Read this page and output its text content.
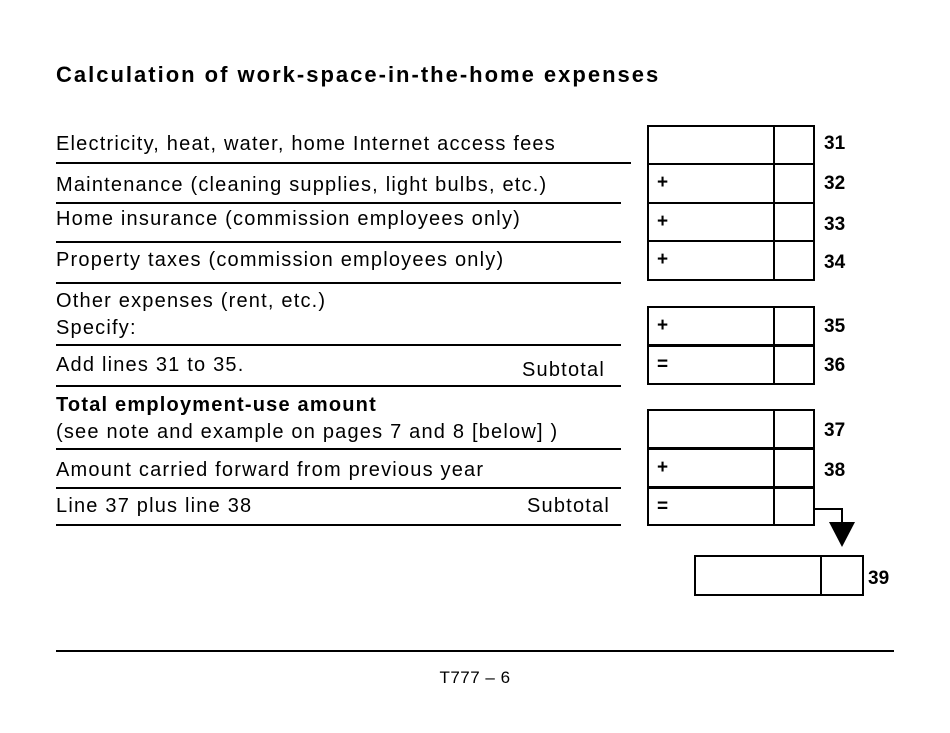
Calculation of work-space-in-the-home expenses
Electricity, heat, water, home Internet access fees	31
Maintenance (cleaning supplies, light bulbs, etc.)	+	32
Home insurance (commission employees only)	+	33
Property taxes (commission employees only)	+	34
Other expenses (rent, etc.)
Specify:	+	35
Add lines 31 to 35.	Subtotal	=	36
Total employment-use amount
(see note and example on pages 7 and 8 [below] )	37
Amount carried forward from previous year	+	38
Line 37 plus line 38	Subtotal =
39
T777 – 6
